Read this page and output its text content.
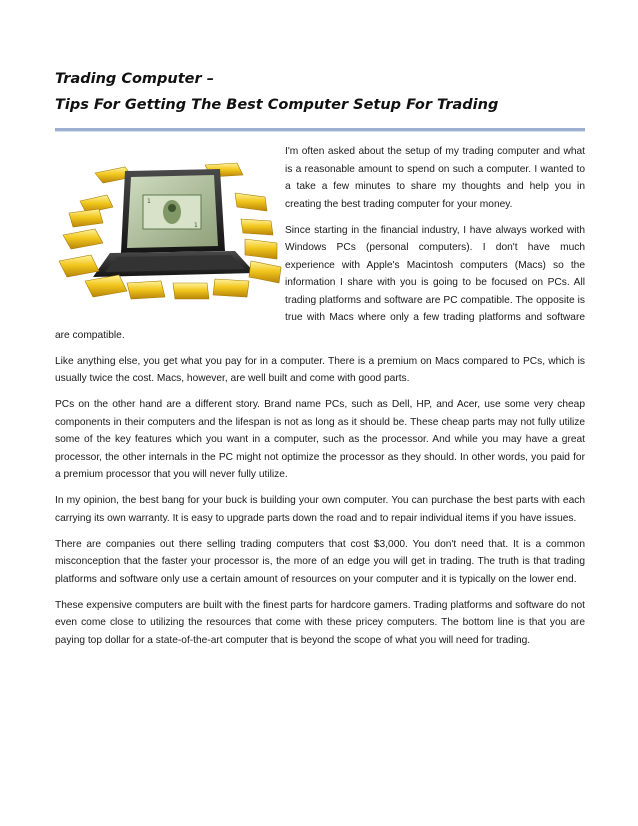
Trading Computer –
Tips For Getting The Best Computer Setup For Trading
1
1

I'm often asked about the setup of my trading computer and what is a reasonable amount to spend on such a computer. I wanted to a take a few minutes to share my thoughts and help you in creating the best trading computer for your money.

Since starting in the financial industry, I have always worked with Windows PCs (personal computers). I don't have much experience with Apple's Macintosh computers (Macs) so the information I share with you is going to be focused on PCs. All trading platforms and software are PC compatible. The opposite is true with Macs where only a few trading platforms and software are compatible.

Like anything else, you get what you pay for in a computer. There is a premium on Macs compared to PCs, which is usually twice the cost. Macs, however, are well built and come with good parts.

PCs on the other hand are a different story. Brand name PCs, such as Dell, HP, and Acer, use some very cheap components in their computers and the lifespan is not as long as it should be. These cheap parts may not fully utilize some of the key features which you want in a computer, such as the processor. And while you may have a great processor, the other internals in the PC might not optimize the processor as they should. In other words, you paid for a premium processor that you will never fully utilize.

In my opinion, the best bang for your buck is building your own computer. You can purchase the best parts with each carrying its own warranty. It is easy to upgrade parts down the road and to repair individual items if you have issues.

There are companies out there selling trading computers that cost $3,000. You don't need that. It is a common misconception that the faster your processor is, the more of an edge you will get in trading. The truth is that trading platforms and software only use a certain amount of resources on your computer and it is typically on the lower end.

These expensive computers are built with the finest parts for hardcore gamers. Trading platforms and software do not even come close to utilizing the resources that come with these pricey computers. The bottom line is that you are paying top dollar for a state-of-the-art computer that is beyond the scope of what you will need for trading.
